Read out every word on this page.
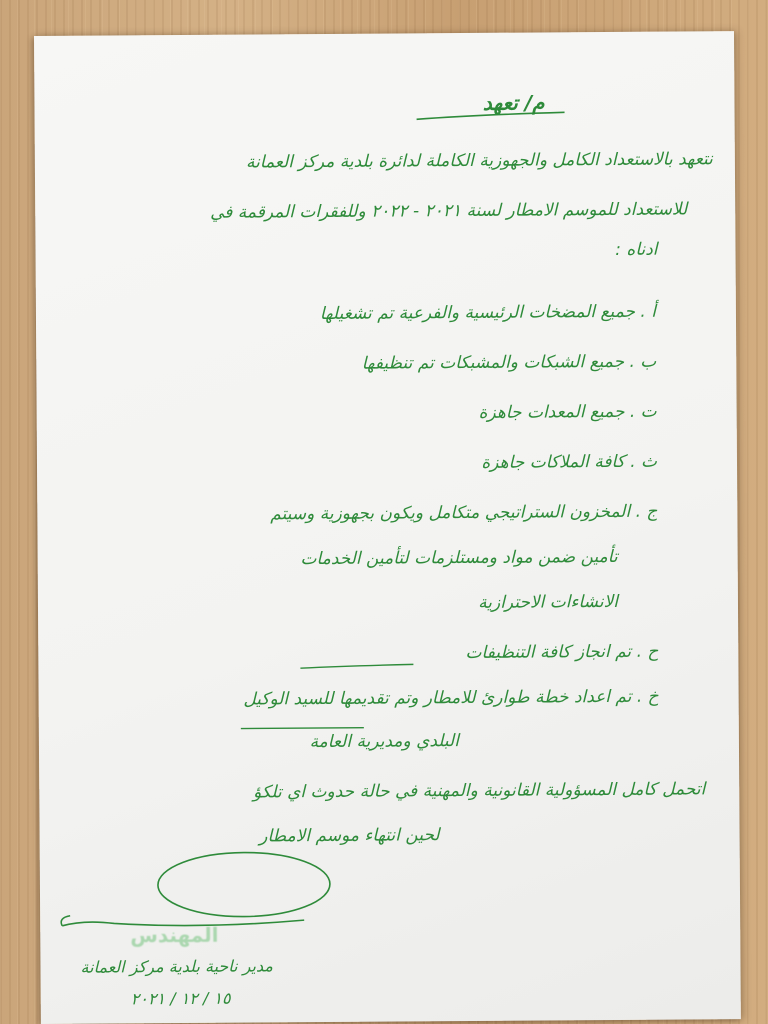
م/ تعهد
نتعهد بالاستعداد الكامل والجهوزية الكاملة لدائرة بلدية مركز العمانة
للاستعداد للموسم الامطار لسنة ٢٠٢١ - ٢٠٢٢ وللفقرات المرقمة في
ادناه :
أ . جميع المضخات الرئيسية والفرعية تم تشغيلها
ب . جميع الشبكات والمشبكات تم تنظيفها
ت . جميع المعدات جاهزة
ث . كافة الملاكات جاهزة
ج . المخزون الستراتيجي متكامل ويكون بجهوزية وسيتم
تأمين ضمن مواد ومستلزمات لتأمين الخدمات
الانشاءات الاحترازية
ح . تم انجاز كافة التنظيفات
خ . تم اعداد خطة طوارئ للامطار وتم تقديمها للسيد الوكيل
البلدي ومديرية العامة
اتحمل كامل المسؤولية القانونية والمهنية في حالة حدوث اي تلكؤ
لحين انتهاء موسم الامطار
المهندس
مدير ناحية بلدية مركز العمانة
١٥ / ١٢ / ٢٠٢١
